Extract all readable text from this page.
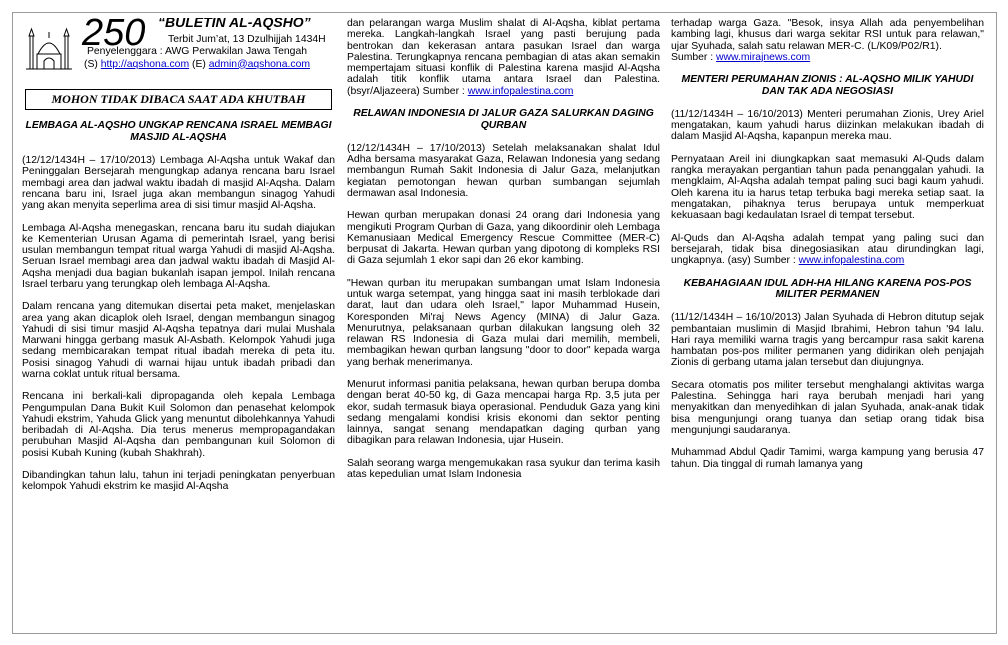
250 “BULETIN AL-AQSHO”
Terbit Jum’at, 13 Dzulhijjah 1434H
Penyelenggara : AWG Perwakilan Jawa Tengah
(S) http://aqshona.com (E) admin@aqshona.com
MOHON TIDAK DIBACA SAAT ADA KHUTBAH
LEMBAGA AL-AQSHO UNGKAP RENCANA ISRAEL MEMBAGI MASJID AL-AQSHA

(12/12/1434H – 17/10/2013) Lembaga Al-Aqsha untuk Wakaf dan Peninggalan Bersejarah mengungkap adanya rencana baru Israel membagi area dan jadwal waktu ibadah di masjid Al-Aqsha. Dalam rencana baru ini, Israel juga akan membangun sinagog Yahudi yang akan menyita seperlima area di sisi timur masjid Al-Aqsha.

Lembaga Al-Aqsha menegaskan, rencana baru itu sudah diajukan ke Kementerian Urusan Agama di pemerintah Israel, yang berisi usulan membangun tempat ritual warga Yahudi di masjid Al-Aqsha. Seruan Israel membagi area dan jadwal waktu ibadah di Masjid Al-Aqsha menjadi dua bagian bukanlah isapan jempol. Inilah rencana Israel terbaru yang terungkap oleh lembaga Al-Aqsha.

Dalam rencana yang ditemukan disertai peta maket, menjelaskan area yang akan dicaplok oleh Israel, dengan membangun sinagog Yahudi di sisi timur masjid Al-Aqsha tepatnya dari mulai Mushala Marwani hingga gerbang masuk Al-Asbath. Kelompok Yahudi juga sedang membicarakan tempat ritual ibadah mereka di peta itu. Posisi sinagog Yahudi di warnai hijau untuk ibadah pribadi dan warna coklat untuk ritual bersama.

Rencana ini berkali-kali dipropaganda oleh kepala Lembaga Pengumpulan Dana Bukit Kuil Solomon dan penasehat kelompok Yahudi ekstrim, Yahuda Glick yang menuntut dibolehkannya Yahudi beribadah di Al-Aqsha. Dia terus menerus mempropagandakan perubuhan Masjid Al-Aqsha dan pembangunan kuil Solomon di posisi Kubah Kuning (kubah Shakhrah).

Dibandingkan tahun lalu, tahun ini terjadi peningkatan penyerbuan kelompok Yahudi ekstrim ke masjid Al-Aqsha

dan pelarangan warga Muslim shalat di Al-Aqsha, kiblat pertama mereka. Langkah-langkah Israel yang pasti berujung pada bentrokan dan kekerasan antara pasukan Israel dan warga Palestina. Terungkapnya rencana pembagian di atas akan semakin mempertajam situasi konflik di Palestina karena masjid Al-Aqsha adalah titik konflik utama antara Israel dan Palestina. (bsyr/Aljazeera) Sumber : www.infopalestina.com

RELAWAN INDONESIA DI JALUR GAZA SALURKAN DAGING QURBAN

(12/12/1434H – 17/10/2013) Setelah melaksanakan shalat Idul Adha bersama masyarakat Gaza, Relawan Indonesia yang sedang membangun Rumah Sakit Indonesia di Jalur Gaza, melanjutkan kegiatan pemotongan hewan qurban sumbangan sejumlah dermawan asal Indonesia.

Hewan qurban merupakan donasi 24 orang dari Indonesia yang mengikuti Program Qurban di Gaza, yang dikoordinir oleh Lembaga Kemanusiaan Medical Emergency Rescue Committee (MER-C) berpusat di Jakarta. Hewan qurban yang dipotong di kompleks RSI di Gaza sejumlah 1 ekor sapi dan 26 ekor kambing.

"Hewan qurban itu merupakan sumbangan umat Islam Indonesia untuk warga setempat, yang hingga saat ini masih terblokade dari darat, laut dan udara oleh Israel," lapor Muhammad Husein, Koresponden Mi'raj News Agency (MINA) di Jalur Gaza. Menurutnya, pelaksanaan qurban dilakukan langsung oleh 32 relawan RS Indonesia di Gaza mulai dari memilih, membeli, membagikan hewan qurban langsung "door to door" kepada warga yang berhak menerimanya.

Menurut informasi panitia pelaksana, hewan qurban berupa domba dengan berat 40-50 kg, di Gaza mencapai harga Rp. 3,5 juta per ekor, sudah termasuk biaya operasional. Penduduk Gaza yang kini sedang mengalami kondisi krisis ekonomi dan sektor penting lainnya, sangat senang mendapatkan daging qurban yang dibagikan para relawan Indonesia, ujar Husein.

Salah seorang warga mengemukakan rasa syukur dan terima kasih atas kepedulian umat Islam Indonesia

terhadap warga Gaza. "Besok, insya Allah ada penyembelihan kambing lagi, khusus dari warga sekitar RSI untuk para relawan," ujar Syuhada, salah satu relawan MER-C. (L/K09/P02/R1).
Sumber : www.mirajnews.com

MENTERI PERUMAHAN ZIONIS : AL-AQSHO MILIK YAHUDI DAN TAK ADA NEGOSIASI

(11/12/1434H – 16/10/2013) Menteri perumahan Zionis, Urey Ariel mengatakan, kaum yahudi harus diizinkan melakukan ibadah di dalam Masjid Al-Aqsha, kapanpun mereka mau.

Pernyataan Areil ini diungkapkan saat memasuki Al-Quds dalam rangka merayakan pergantian tahun pada penanggalan yahudi. Ia mengklaim, Al-Aqsha adalah tempat paling suci bagi kaum yahudi. Oleh karena itu ia harus tetap terbuka bagi mereka setiap saat. Ia mengatakan, pihaknya terus berupaya untuk memperkuat kekuasaan bagi kedaulatan Israel di tempat tersebut.

Al-Quds dan Al-Aqsha adalah tempat yang paling suci dan bersejarah, tidak bisa dinegosiasikan atau dirundingkan lagi, ungkapnya. (asy) Sumber : www.infopalestina.com

KEBAHAGIAAN IDUL ADH-HA HILANG KARENA POS-POS MILITER PERMANEN

(11/12/1434H – 16/10/2013) Jalan Syuhada di Hebron ditutup sejak pembantaian muslimin di Masjid Ibrahimi, Hebron tahun '94 lalu. Hari raya memiliki warna tragis yang bercampur rasa sakit karena hambatan pos-pos militer permanen yang didirikan oleh penjajah Zionis di gerbang utama jalan tersebut dan diujungnya.

Secara otomatis pos militer tersebut menghalangi aktivitas warga Palestina. Sehingga hari raya berubah menjadi hari yang menyakitkan dan menyedihkan di jalan Syuhada, anak-anak tidak bisa mengunjungi orang tuanya dan setiap orang tidak bisa mengunjungi saudaranya.

Muhammad Abdul Qadir Tamimi, warga kampung yang berusia 47 tahun. Dia tinggal di rumah lamanya yang
